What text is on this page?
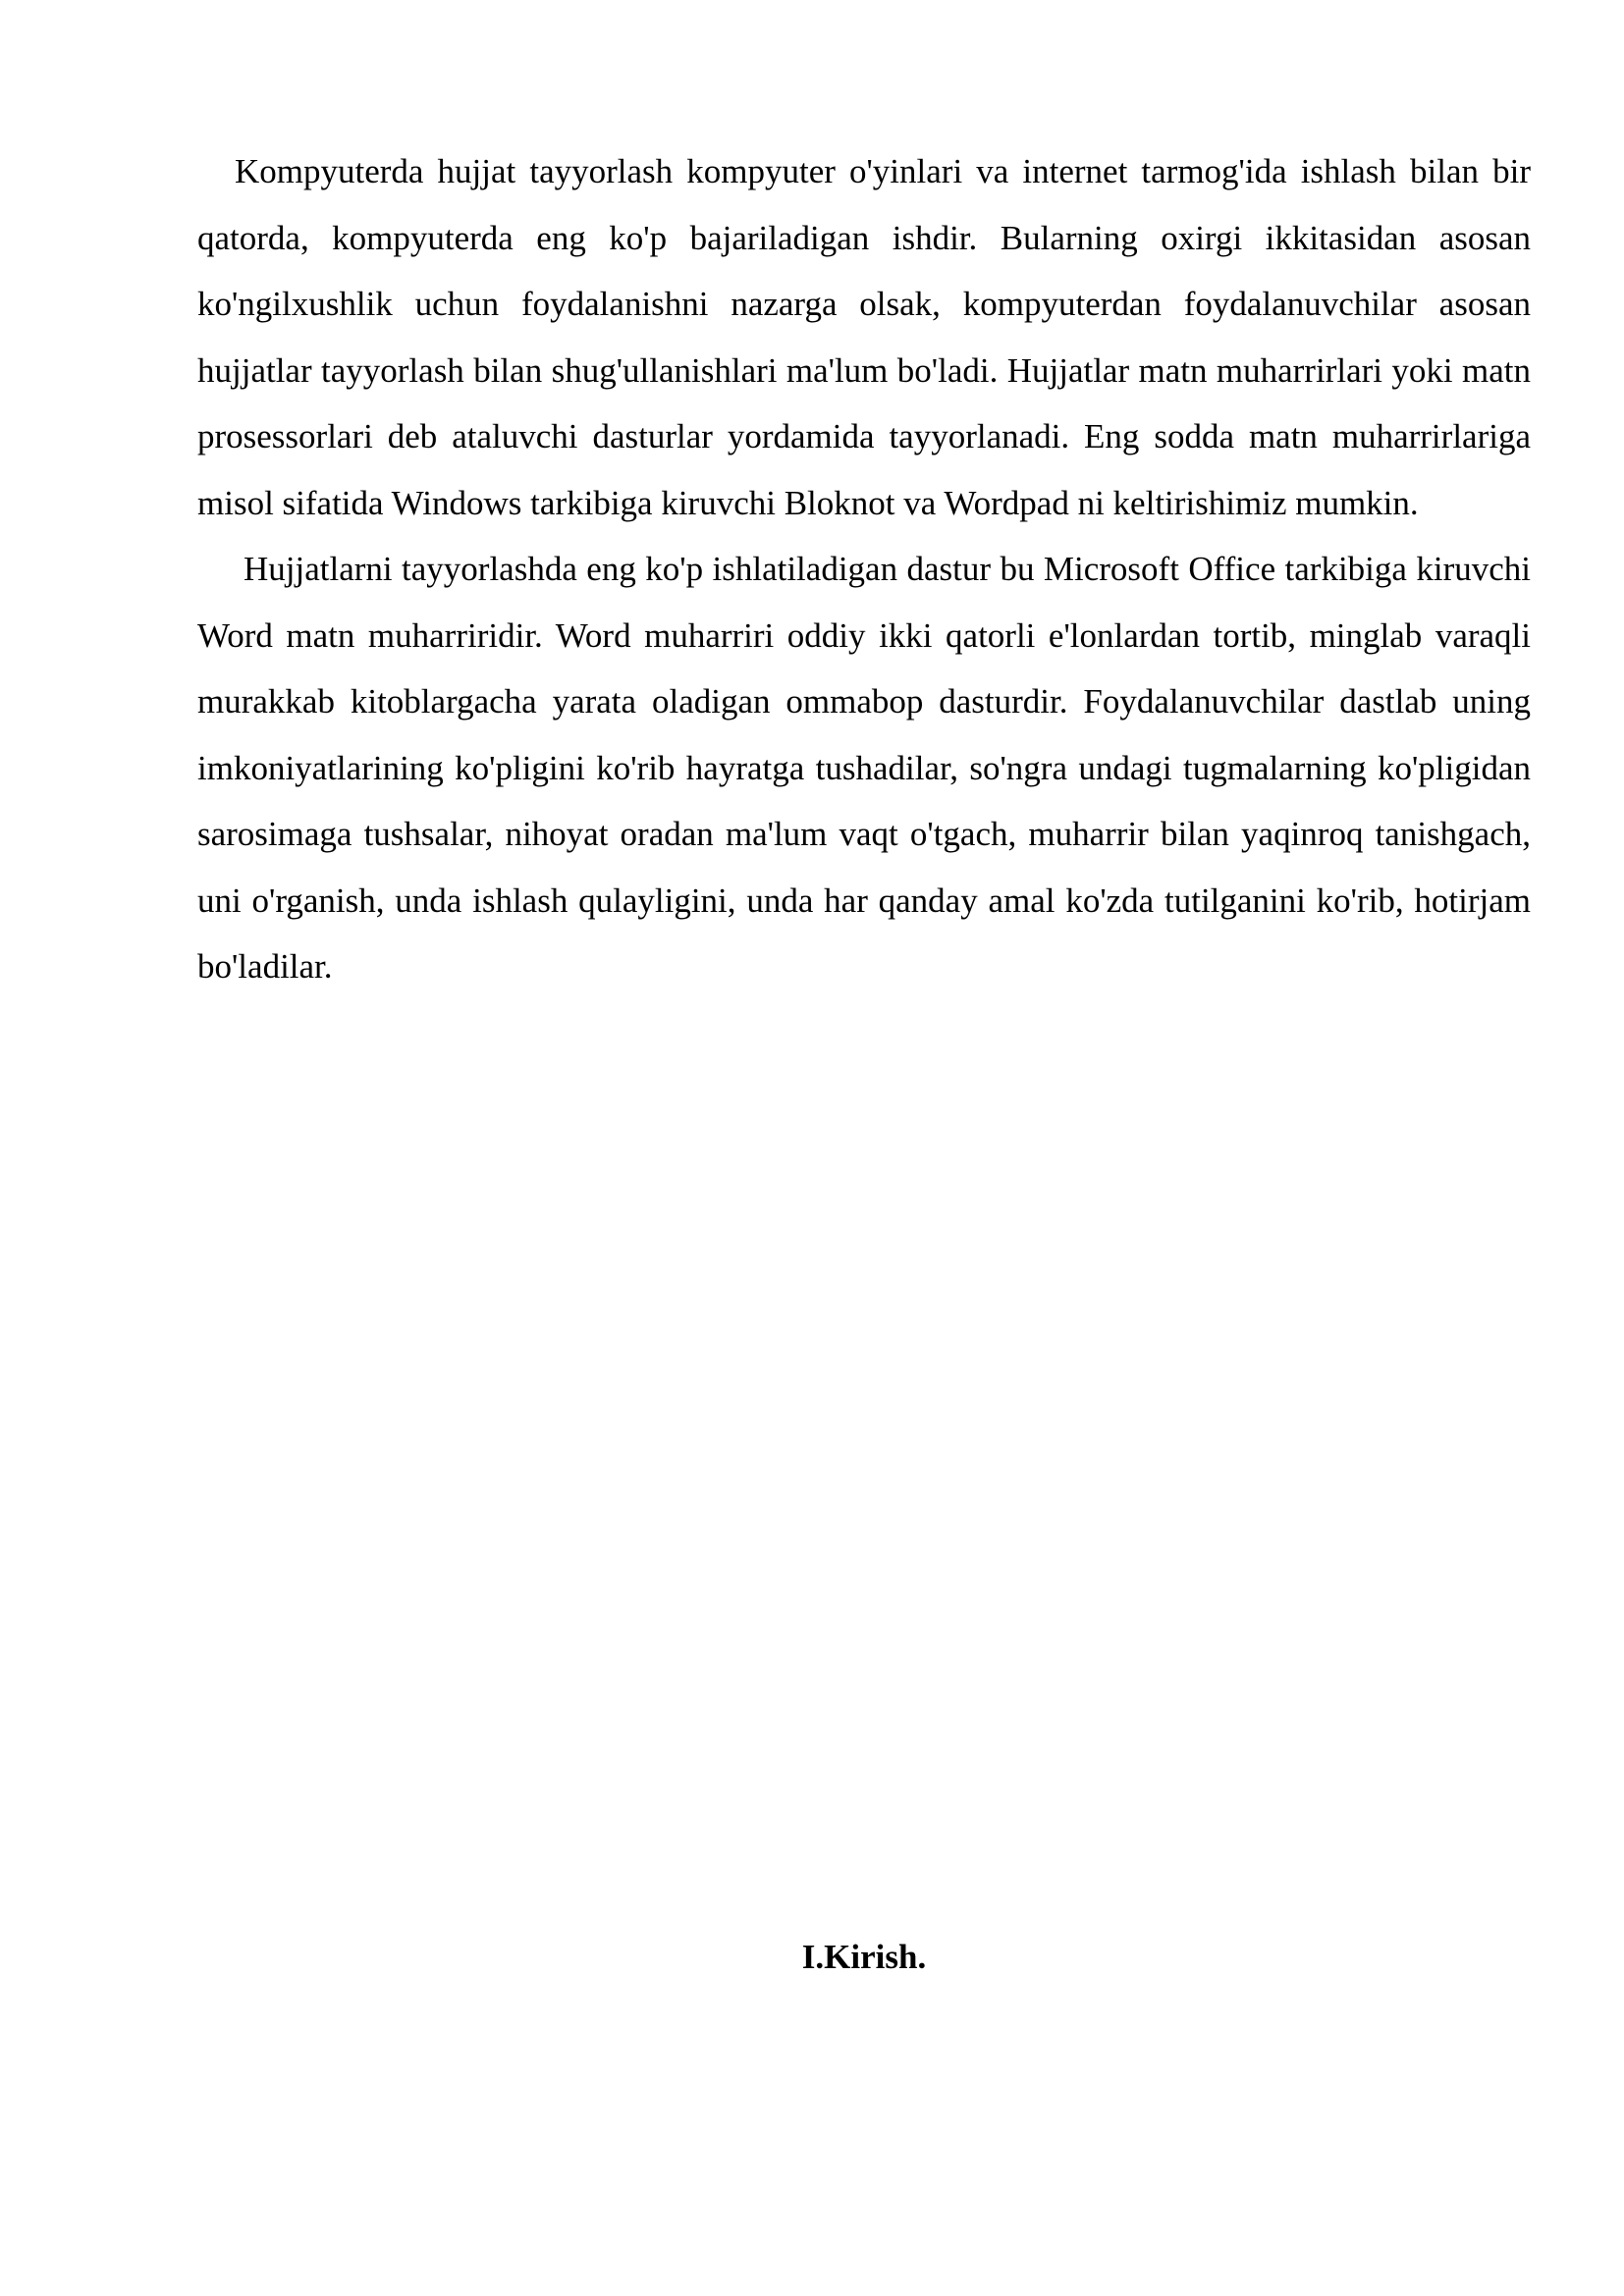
Kompyuterda hujjat tayyorlash kompyuter o'yinlari va internet tarmog'ida ishlash bilan bir qatorda, kompyuterda eng ko'p bajariladigan ishdir. Bularning oxirgi ikkitasidan asosan ko'ngilxushlik uchun foydalanishni nazarga olsak, kompyuterdan foydalanuvchilar asosan hujjatlar tayyorlash bilan shug'ullanishlari ma'lum bo'ladi. Hujjatlar matn muharrirlari yoki matn prosessorlari deb ataluvchi dasturlar yordamida tayyorlanadi. Eng sodda matn muharrirlariga misol sifatida Windows tarkibiga kiruvchi Bloknot va Wordpad ni keltirishimiz mumkin.

Hujjatlarni tayyorlashda eng ko'p ishlatiladigan dastur bu Microsoft Office tarkibiga kiruvchi Word matn muharriridir. Word muharriri oddiy ikki qatorli e'lonlardan tortib, minglab varaqli murakkab kitoblargacha yarata oladigan ommabop dasturdir. Foydalanuvchilar dastlab uning imkoniyatlarining ko'pligini ko'rib hayratga tushadilar, so'ngra undagi tugmalarning ko'pligidan sarosimaga tushsalar, nihoyat oradan ma'lum vaqt o'tgach, muharrir bilan yaqinroq tanishgach, uni o'rganish, unda ishlash qulayligini, unda har qanday amal ko'zda tutilganini ko'rib, hotirjam bo'ladilar.

I.Kirish.
